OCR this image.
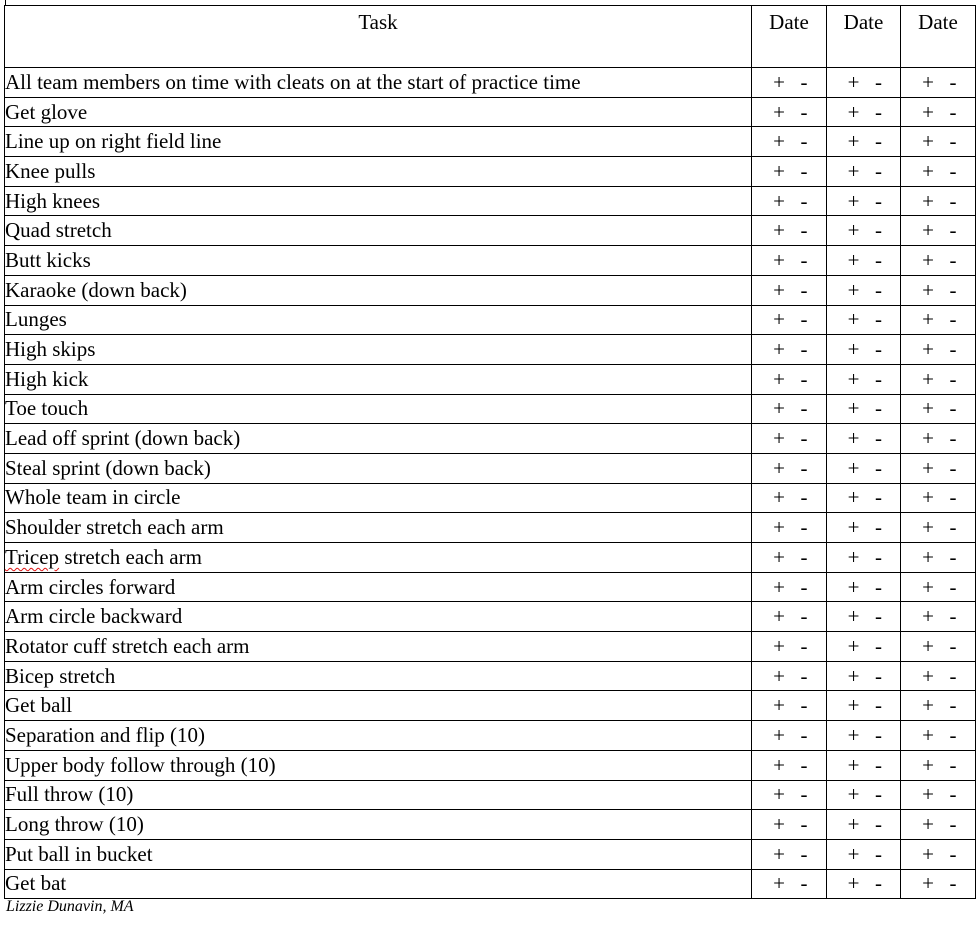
Task	Date	Date	Date
All team members on time with cleats on at the start of practice time	+ -	+ -	+ -
Get glove	+ -	+ -	+ -
Line up on right field line	+ -	+ -	+ -
Knee pulls	+ -	+ -	+ -
High knees	+ -	+ -	+ -
Quad stretch	+ -	+ -	+ -
Butt kicks	+ -	+ -	+ -
Karaoke (down back)	+ -	+ -	+ -
Lunges	+ -	+ -	+ -
High skips	+ -	+ -	+ -
High kick	+ -	+ -	+ -
Toe touch	+ -	+ -	+ -
Lead off sprint (down back)	+ -	+ -	+ -
Steal sprint (down back)	+ -	+ -	+ -
Whole team in circle	+ -	+ -	+ -
Shoulder stretch each arm	+ -	+ -	+ -
Tricep stretch each arm	+ -	+ -	+ -
Arm circles forward	+ -	+ -	+ -
Arm circle backward	+ -	+ -	+ -
Rotator cuff stretch each arm	+ -	+ -	+ -
Bicep stretch	+ -	+ -	+ -
Get ball	+ -	+ -	+ -
Separation and flip (10)	+ -	+ -	+ -
Upper body follow through (10)	+ -	+ -	+ -
Full throw (10)	+ -	+ -	+ -
Long throw (10)	+ -	+ -	+ -
Put ball in bucket	+ -	+ -	+ -
Get bat	+ -	+ -	+ -
Lizzie Dunavin, MA
